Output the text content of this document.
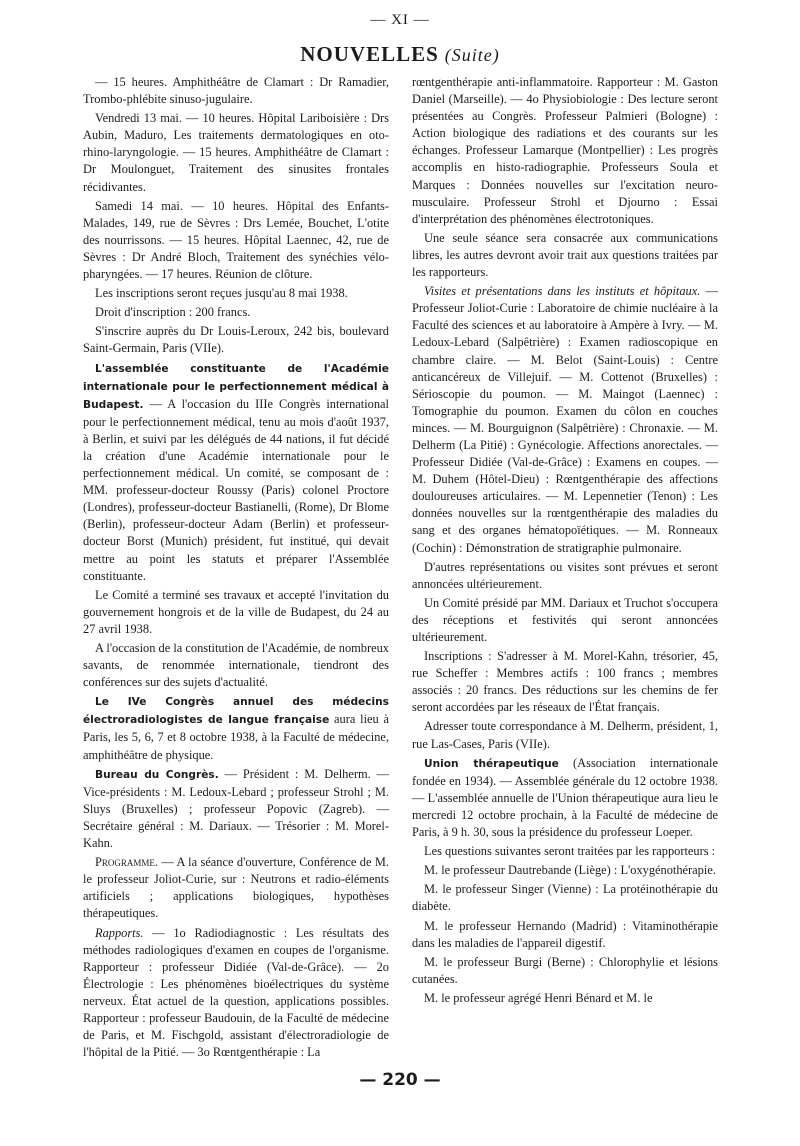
— XI —
NOUVELLES (Suite)

— 15 heures. Amphithéâtre de Clamart : Dr Ramadier, Trombo-phlébite sinuso-jugulaire.

Vendredi 13 mai. — 10 heures. Hôpital Lariboisière : Drs Aubin, Maduro, Les traitements dermatologiques en oto-rhino-laryngologie. — 15 heures. Amphithéâtre de Clamart : Dr Moulonguet, Traitement des sinusites frontales récidivantes.

Samedi 14 mai. — 10 heures. Hôpital des Enfants-Malades, 149, rue de Sèvres : Drs Lemée, Bouchet, L'otite des nourrissons. — 15 heures. Hôpital Laennec, 42, rue de Sèvres : Dr André Bloch, Traitement des synéchies vélo-pharyngées. — 17 heures. Réunion de clôture.

Les inscriptions seront reçues jusqu'au 8 mai 1938.

Droit d'inscription : 200 francs.

S'inscrire auprès du Dr Louis-Leroux, 242 bis, boulevard Saint-Germain, Paris (VIIe).

L'assemblée constituante de l'Académie internationale pour le perfectionnement médical à Budapest. — A l'occasion du IIIe Congrès international pour le perfectionnement médical, tenu au mois d'août 1937, à Berlin, et suivi par les délégués de 44 nations, il fut décidé la création d'une Académie internationale pour le perfectionnement médical. Un comité, se composant de : MM. professeur-docteur Roussy (Paris) colonel Proctore (Londres), professeur-docteur Bastianelli, (Rome), Dr Blome (Berlin), professeur-docteur Adam (Berlin) et professeur-docteur Borst (Munich) président, fut institué, qui devait mettre au point les statuts et préparer l'Assemblée constituante.

Le Comité a terminé ses travaux et accepté l'invitation du gouvernement hongrois et de la ville de Budapest, du 24 au 27 avril 1938.

A l'occasion de la constitution de l'Académie, de nombreux savants, de renommée internationale, tiendront des conférences sur des sujets d'actualité.

Le IVe Congrès annuel des médecins électroradiologistes de langue française aura lieu à Paris, les 5, 6, 7 et 8 octobre 1938, à la Faculté de médecine, amphithéâtre de physique.

Bureau du Congrès. — Président : M. Delherm. — Vice-présidents : M. Ledoux-Lebard ; professeur Strohl ; M. Sluys (Bruxelles) ; professeur Popovic (Zagreb). — Secrétaire général : M. Dariaux. — Trésorier : M. Morel-Kahn.

Programme. — A la séance d'ouverture, Conférence de M. le professeur Joliot-Curie, sur : Neutrons et radio-éléments artificiels ; applications biologiques, hypothèses thérapeutiques.

Rapports. — 1o Radiodiagnostic : Les résultats des méthodes radiologiques d'examen en coupes de l'organisme. Rapporteur : professeur Didiée (Val-de-Grâce). — 2o Électrologie : Les phénomènes bioélectriques du système nerveux. État actuel de la question, applications possibles. Rapporteur : professeur Baudouin, de la Faculté de médecine de Paris, et M. Fischgold, assistant d'électroradiologie de l'hôpital de la Pitié. — 3o Rœntgenthérapie : La

rœntgenthérapie anti-inflammatoire. Rapporteur : M. Gaston Daniel (Marseille). — 4o Physiobiologie : Des lecture seront présentées au Congrès. Professeur Palmieri (Bologne) : Action biologique des radiations et des courants sur les échanges. Professeur Lamarque (Montpellier) : Les progrès accomplis en histo-radiographie. Professeurs Soula et Marques : Données nouvelles sur l'excitation neuro-musculaire. Professeur Strohl et Djourno : Essai d'interprétation des phénomènes électrotoniques.

Une seule séance sera consacrée aux communications libres, les autres devront avoir trait aux questions traitées par les rapporteurs.

Visites et présentations dans les instituts et hôpitaux. — Professeur Joliot-Curie : Laboratoire de chimie nucléaire à la Faculté des sciences et au laboratoire à Ampère à Ivry. — M. Ledoux-Lebard (Salpêtrière) : Examen radioscopique en chambre claire. — M. Belot (Saint-Louis) : Centre anticancéreux de Villejuif. — M. Cottenot (Bruxelles) : Sérioscopie du poumon. — M. Maingot (Laennec) : Tomographie du poumon. Examen du côlon en couches minces. — M. Bourguignon (Salpêtrière) : Chronaxie. — M. Delherm (La Pitié) : Gynécologie. Affections anorectales. — Professeur Didiée (Val-de-Grâce) : Examens en coupes. — M. Duhem (Hôtel-Dieu) : Rœntgenthérapie des affections douloureuses articulaires. — M. Lepennetier (Tenon) : Les données nouvelles sur la rœntgenthérapie des maladies du sang et des organes hématopoïétiques. — M. Ronneaux (Cochin) : Démonstration de stratigraphie pulmonaire.

D'autres représentations ou visites sont prévues et seront annoncées ultérieurement.

Un Comité présidé par MM. Dariaux et Truchot s'occupera des réceptions et festivités qui seront annoncées ultérieurement.

Inscriptions : S'adresser à M. Morel-Kahn, trésorier, 45, rue Scheffer : Membres actifs : 100 francs ; membres associés : 20 francs. Des réductions sur les chemins de fer seront accordées par les réseaux de l'État français.

Adresser toute correspondance à M. Delherm, président, 1, rue Las-Cases, Paris (VIIe).

Union thérapeutique (Association internationale fondée en 1934). — Assemblée générale du 12 octobre 1938. — L'assemblée annuelle de l'Union thérapeutique aura lieu le mercredi 12 octobre prochain, à la Faculté de médecine de Paris, à 9 h. 30, sous la présidence du professeur Loeper.

Les questions suivantes seront traitées par les rapporteurs :

M. le professeur Dautrebande (Liège) : L'oxygénothérapie.

M. le professeur Singer (Vienne) : La protéinothérapie du diabète.

M. le professeur Hernando (Madrid) : Vitaminothérapie dans les maladies de l'appareil digestif.

M. le professeur Burgi (Berne) : Chlorophylie et lésions cutanées.

M. le professeur agrégé Henri Bénard et M. le

— 220 —
